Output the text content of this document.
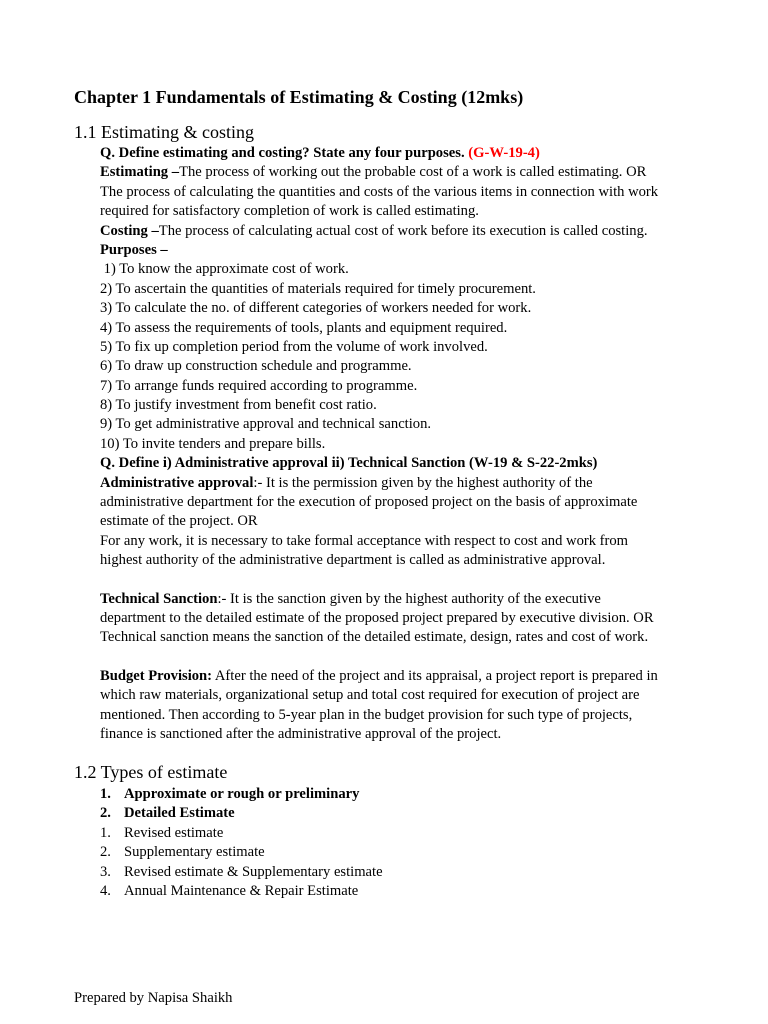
Chapter 1 Fundamentals of Estimating & Costing (12mks)
1.1 Estimating & costing
Q. Define estimating and costing? State any four purposes. (G-W-19-4)
Estimating –The process of working out the probable cost of a work is called estimating. OR
The process of calculating the quantities and costs of the various items in connection with work
required for satisfactory completion of work is called estimating.
Costing –The process of calculating actual cost of work before its execution is called costing.
Purposes –
1) To know the approximate cost of work.
2) To ascertain the quantities of materials required for timely procurement.
3) To calculate the no. of different categories of workers needed for work.
4) To assess the requirements of tools, plants and equipment required.
5) To fix up completion period from the volume of work involved.
6) To draw up construction schedule and programme.
7) To arrange funds required according to programme.
8) To justify investment from benefit cost ratio.
9) To get administrative approval and technical sanction.
10) To invite tenders and prepare bills.
Q. Define i) Administrative approval ii) Technical Sanction (W-19 & S-22-2mks)
Administrative approval:- It is the permission given by the highest authority of the
administrative department for the execution of proposed project on the basis of approximate
estimate of the project. OR
For any work, it is necessary to take formal acceptance with respect to cost and work from
highest authority of the administrative department is called as administrative approval.
Technical Sanction:- It is the sanction given by the highest authority of the executive
department to the detailed estimate of the proposed project prepared by executive division. OR
Technical sanction means the sanction of the detailed estimate, design, rates and cost of work.
Budget Provision: After the need of the project and its appraisal, a project report is prepared in
which raw materials, organizational setup and total cost required for execution of project are
mentioned. Then according to 5-year plan in the budget provision for such type of projects,
finance is sanctioned after the administrative approval of the project.
1.2 Types of estimate
1. Approximate or rough or preliminary
2. Detailed Estimate
1. Revised estimate
2. Supplementary estimate
3. Revised estimate & Supplementary estimate
4. Annual Maintenance & Repair Estimate
Prepared by Napisa Shaikh
